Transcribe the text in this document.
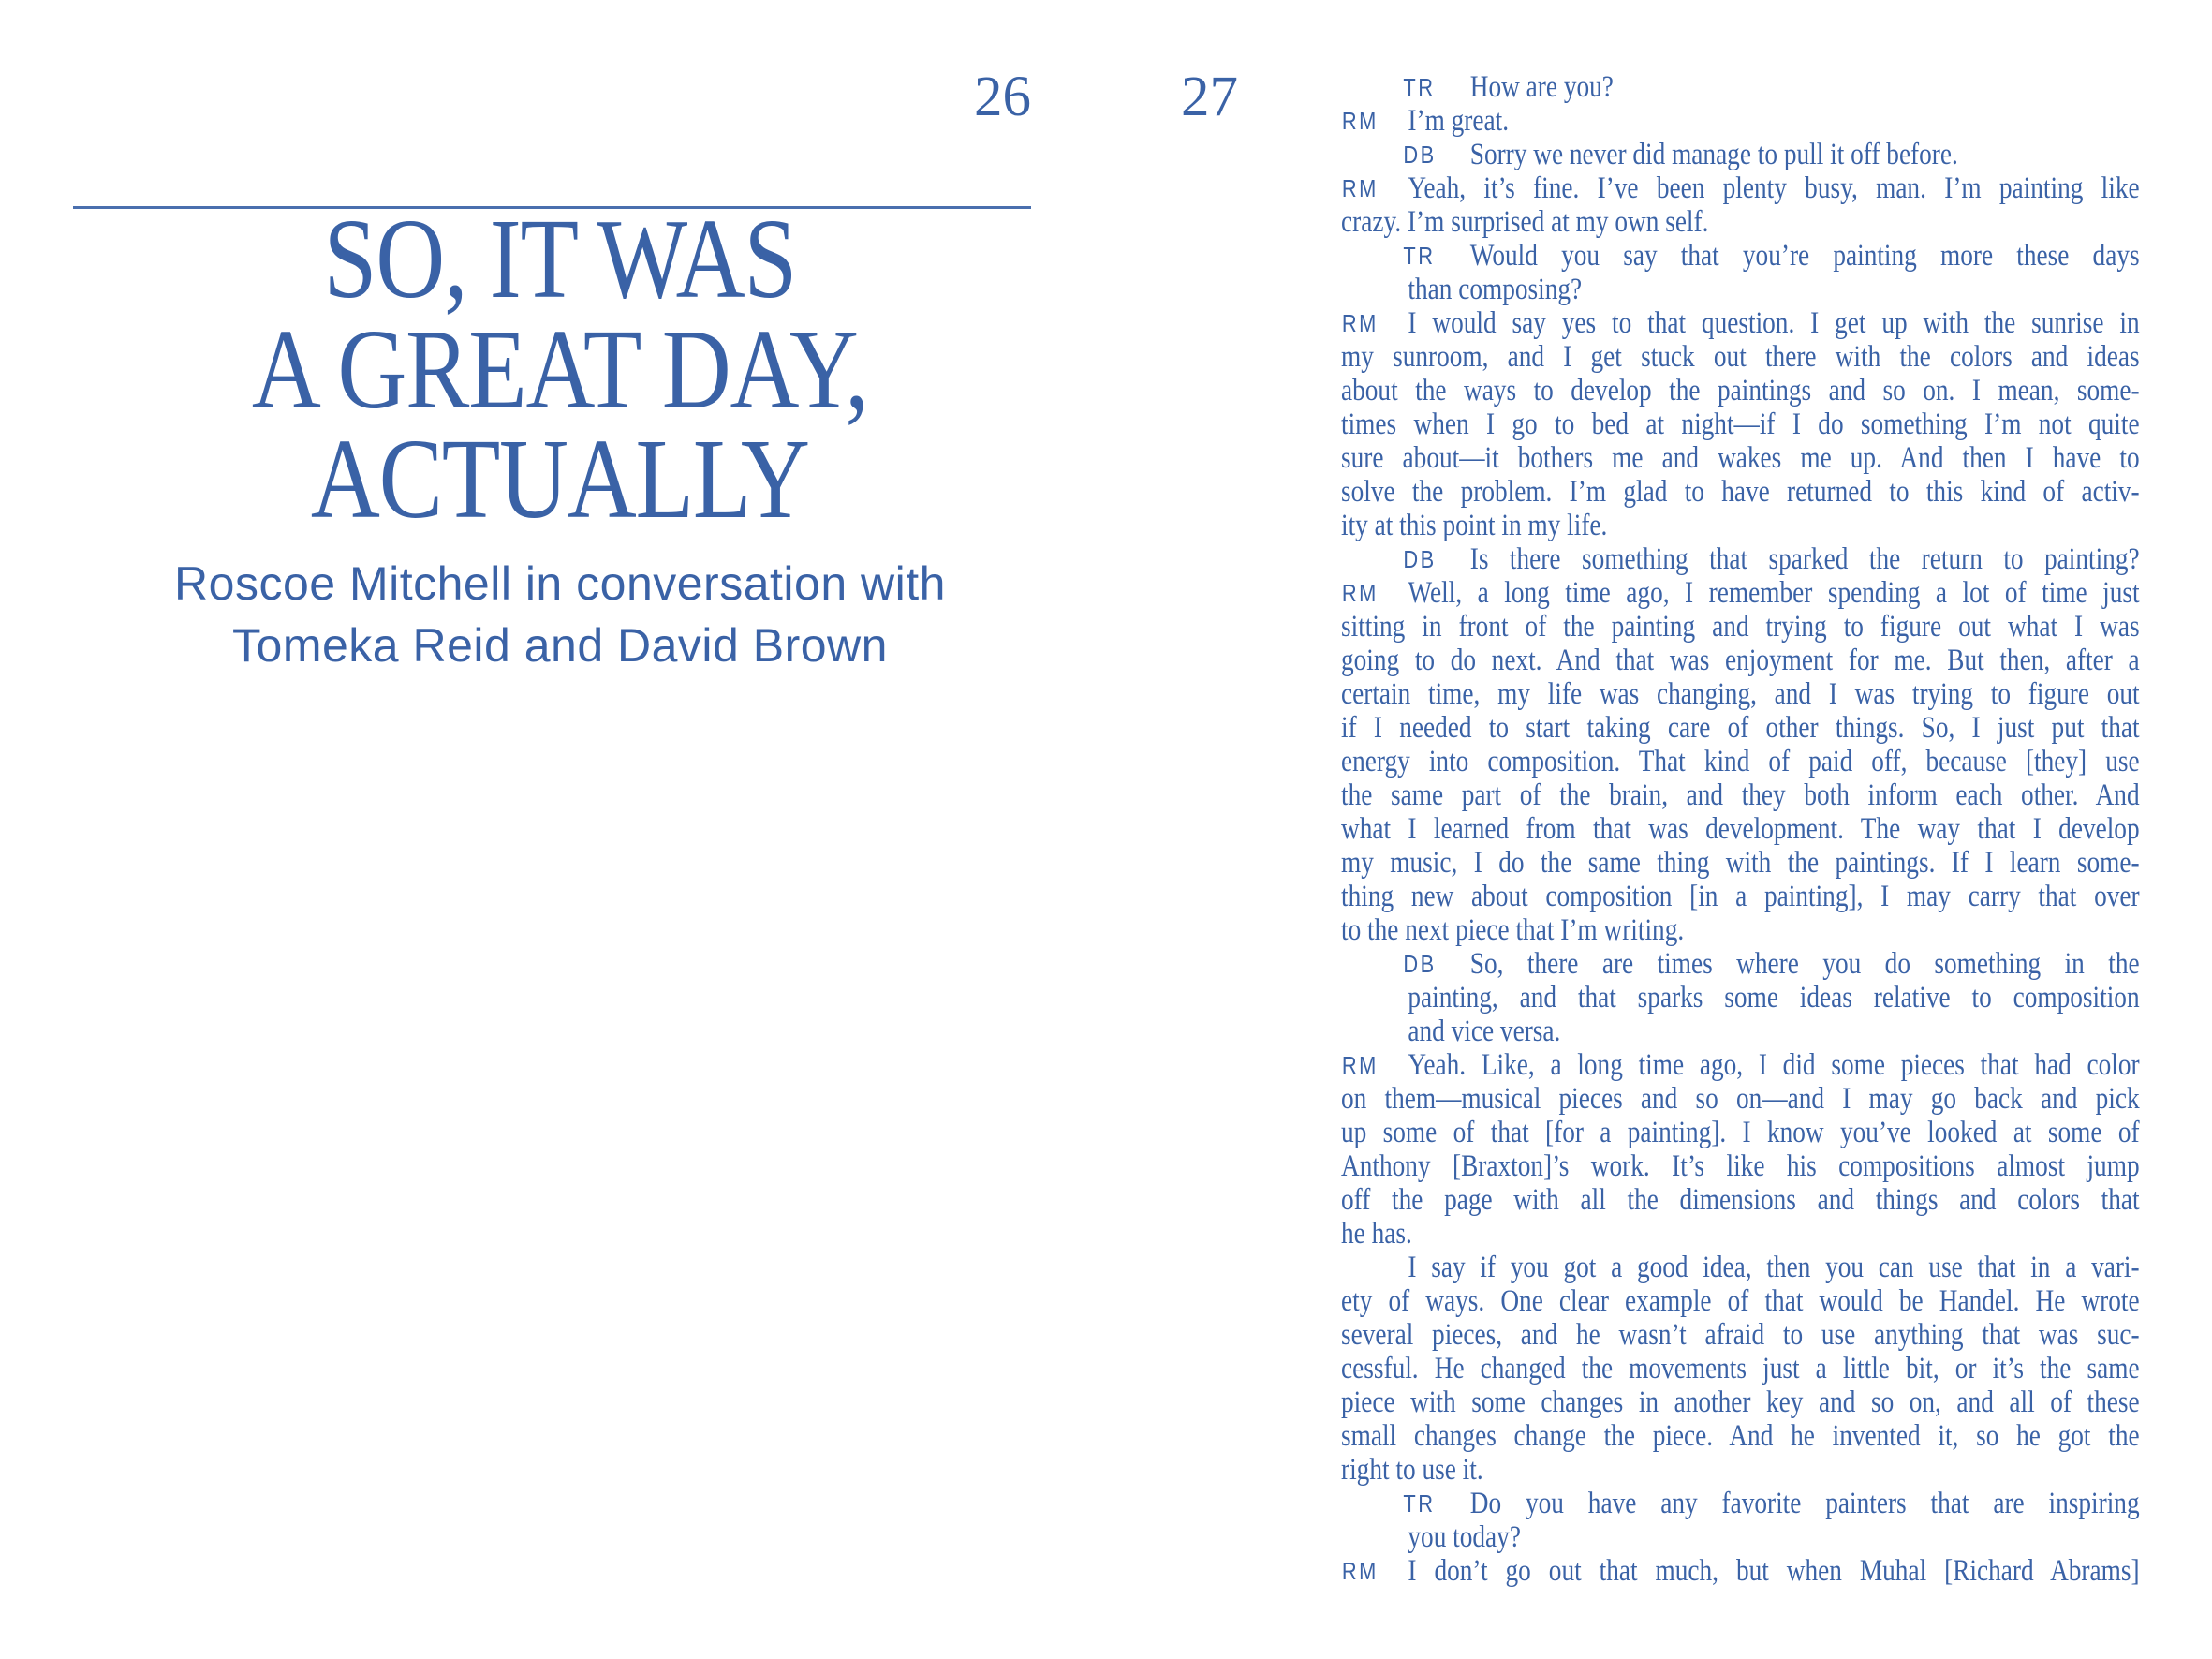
26	27
SO, IT WAS
A GREAT DAY,
ACTUALLY
Roscoe Mitchell in conversation with
Tomeka Reid and David Brown
TR How are you?
RM I’m great.
DB Sorry we never did manage to pull it off before.
RM Yeah, it’s fine. I’ve been plenty busy, man. I’m painting like
crazy. I’m surprised at my own self.
TR Would you say that you’re painting more these days
than composing?
RM I would say yes to that question. I get up with the sunrise in
my sunroom, and I get stuck out there with the colors and ideas
about the ways to develop the paintings and so on. I mean, some-
times when I go to bed at night—if I do something I’m not quite
sure about—it bothers me and wakes me up. And then I have to
solve the problem. I’m glad to have returned to this kind of activ-
ity at this point in my life.
DB Is there something that sparked the return to painting?
RM Well, a long time ago, I remember spending a lot of time just
sitting in front of the painting and trying to figure out what I was
going to do next. And that was enjoyment for me. But then, after a
certain time, my life was changing, and I was trying to figure out
if I needed to start taking care of other things. So, I just put that
energy into composition. That kind of paid off, because [they] use
the same part of the brain, and they both inform each other. And
what I learned from that was development. The way that I develop
my music, I do the same thing with the paintings. If I learn some-
thing new about composition [in a painting], I may carry that over
to the next piece that I’m writing.
DB So, there are times where you do something in the
painting, and that sparks some ideas relative to composition
and vice versa.
RM Yeah. Like, a long time ago, I did some pieces that had color
on them—musical pieces and so on—and I may go back and pick
up some of that [for a painting]. I know you’ve looked at some of
Anthony [Braxton]’s work. It’s like his compositions almost jump
off the page with all the dimensions and things and colors that
he has.
I say if you got a good idea, then you can use that in a vari-
ety of ways. One clear example of that would be Handel. He wrote
several pieces, and he wasn’t afraid to use anything that was suc-
cessful. He changed the movements just a little bit, or it’s the same
piece with some changes in another key and so on, and all of these
small changes change the piece. And he invented it, so he got the
right to use it.
TR Do you have any favorite painters that are inspiring
you today?
RM I don’t go out that much, but when Muhal [Richard Abrams]
